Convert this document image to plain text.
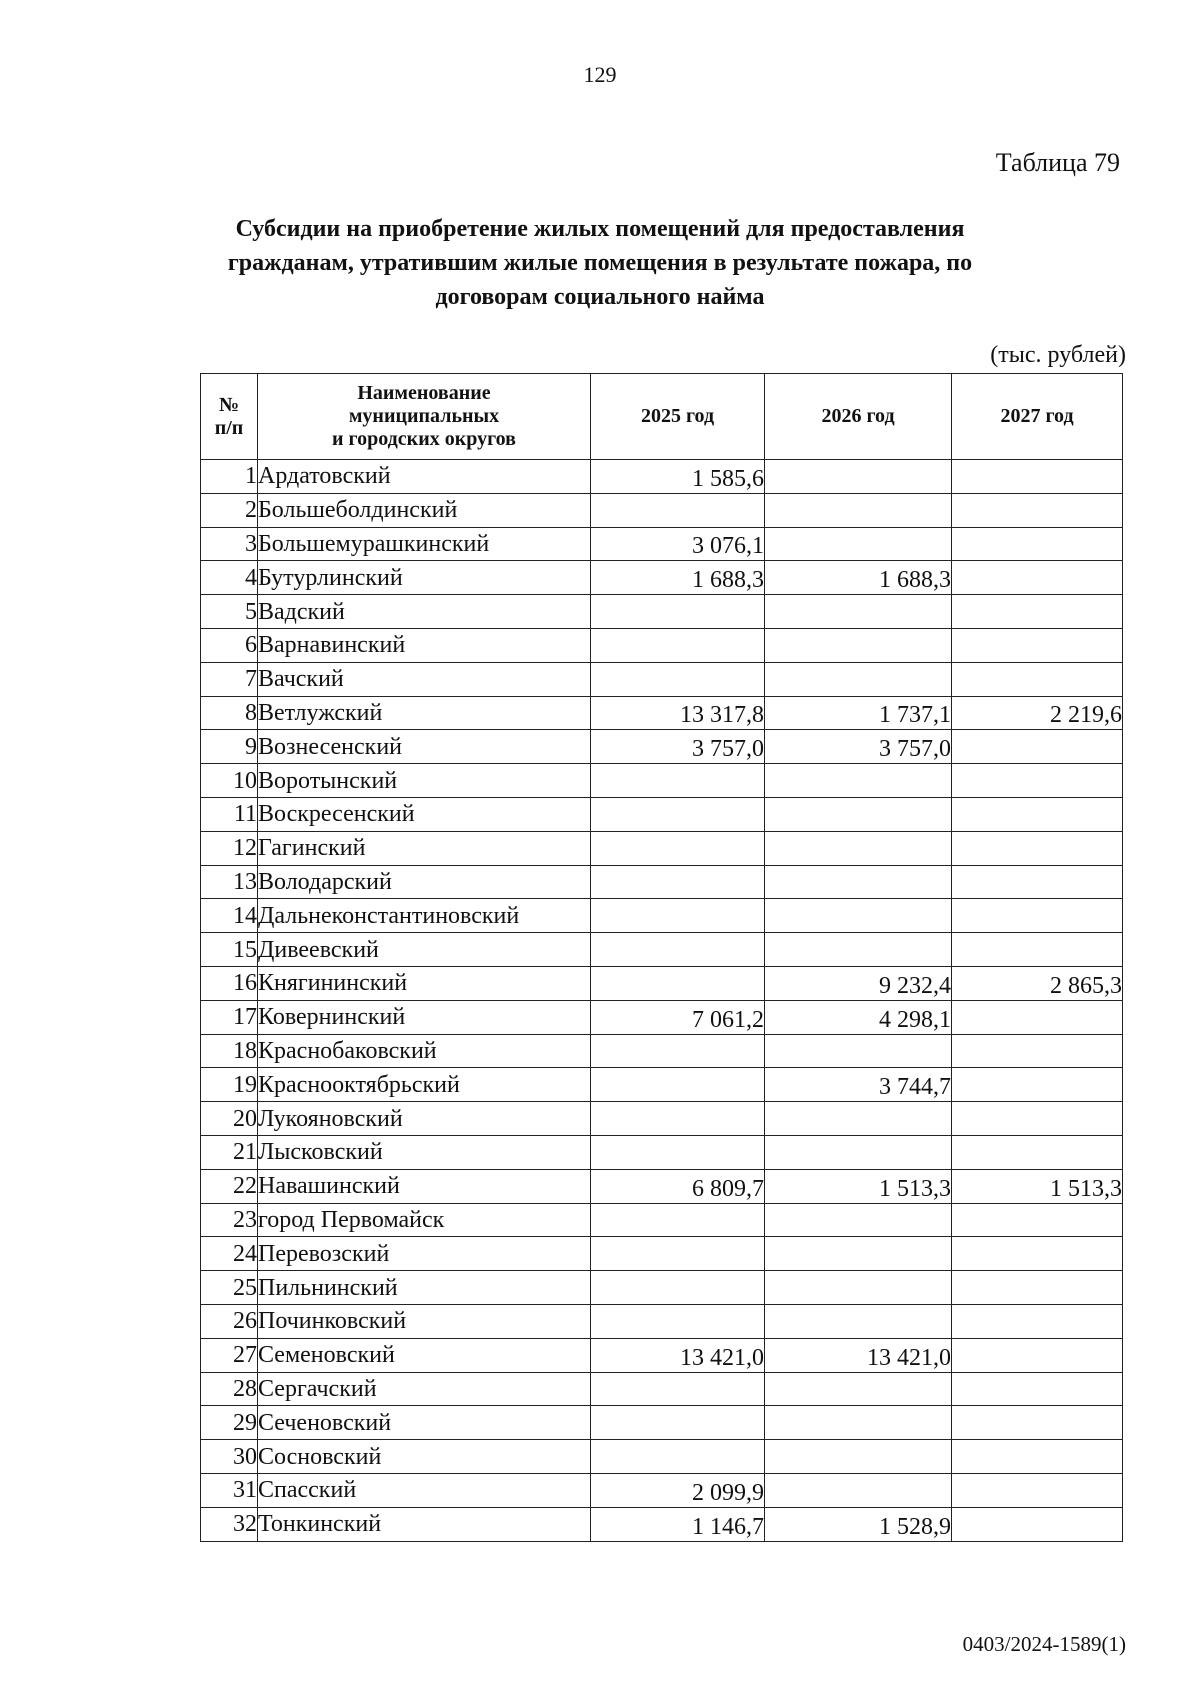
129
Таблица 79
Субсидии на приобретение жилых помещений для предоставления
гражданам, утратившим жилые помещения в результате пожара, по
договорам социального найма
(тыс. рублей)
№ п/п	Наименование
муниципальных
и городских округов	2025 год	2026 год	2027 год
1	Ардатовский	1 585,6		
2	Большеболдинский			
3	Большемурашкинский	3 076,1		
4	Бутурлинский	1 688,3	1 688,3	
5	Вадский			
6	Варнавинский			
7	Вачский			
8	Ветлужский	13 317,8	1 737,1	2 219,6
9	Вознесенский	3 757,0	3 757,0	
10	Воротынский			
11	Воскресенский			
12	Гагинский			
13	Володарский			
14	Дальнеконстантиновский			
15	Дивеевский			
16	Княгининский		9 232,4	2 865,3
17	Ковернинский	7 061,2	4 298,1	
18	Краснобаковский			
19	Краснооктябрьский		3 744,7	
20	Лукояновский			
21	Лысковский			
22	Навашинский	6 809,7	1 513,3	1 513,3
23	город Первомайск			
24	Перевозский			
25	Пильнинский			
26	Починковский			
27	Семеновский	13 421,0	13 421,0	
28	Сергачский			
29	Сеченовский			
30	Сосновский			
31	Спасский	2 099,9		
32	Тонкинский	1 146,7	1 528,9	
0403/2024-1589(1)
